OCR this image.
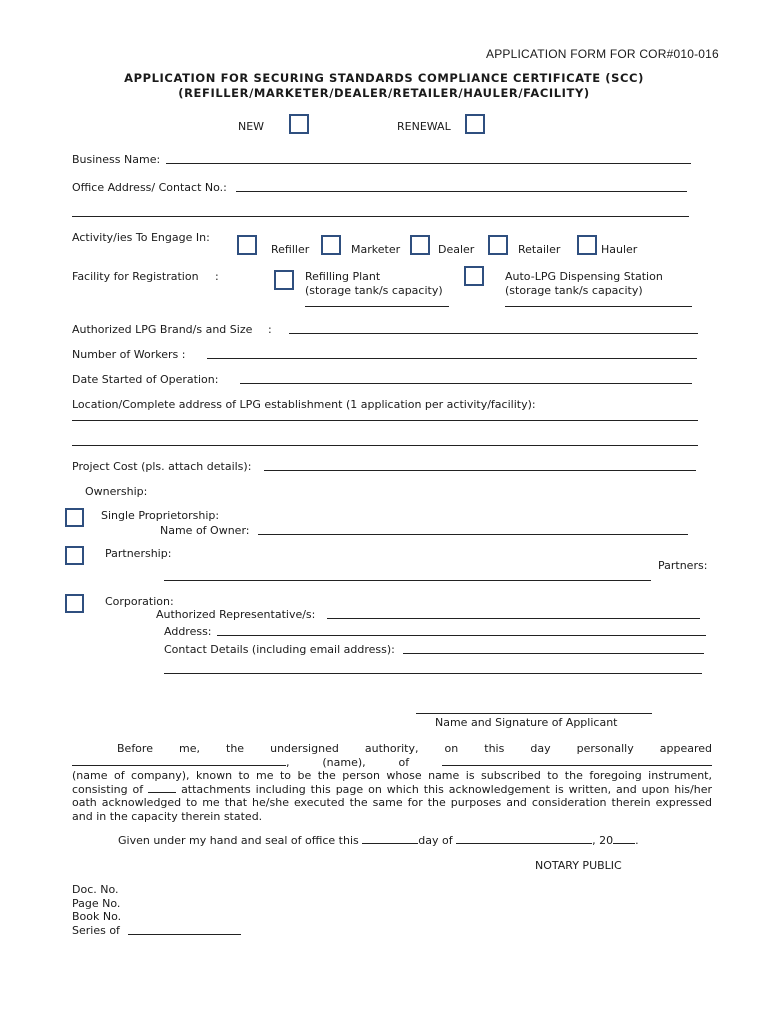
APPLICATION FORM FOR COR#010-016
APPLICATION FOR SECURING STANDARDS COMPLIANCE CERTIFICATE (SCC)
(REFILLER/MARKETER/DEALER/RETAILER/HAULER/FACILITY)
NEW	RENEWAL
Business Name:
Office Address/ Contact No.:
Activity/ies To Engage In:
Refiller	Marketer	Dealer	Retailer	Hauler
Facility for Registration :	Refilling Plant
(storage tank/s capacity)
Auto-LPG Dispensing Station
(storage tank/s capacity)
Authorized LPG Brand/s and Size :
Number of Workers :
Date Started of Operation:
Location/Complete address of LPG establishment (1 application per activity/facility):
Project Cost (pls. attach details):
Ownership:
Single Proprietorship:
Name of Owner:
Partnership:
Partners:
Corporation:
Authorized Representative/s:
Address:
Contact Details (including email address):
Name and Signature of Applicant
Before me, the undersigned authority, on this day personally appeared
, (name), of
(name of company), known to me to be the person whose name is subscribed to the foregoing instrument, consisting of	attachments including this page on which this acknowledgement is written, and upon his/her oath acknowledged to me that he/she executed the same for the purposes and consideration therein expressed and in the capacity therein stated.
Given under my hand and seal of office this	day of	, 20 .
NOTARY PUBLIC
Doc. No.
Page No.
Book No.
Series of
